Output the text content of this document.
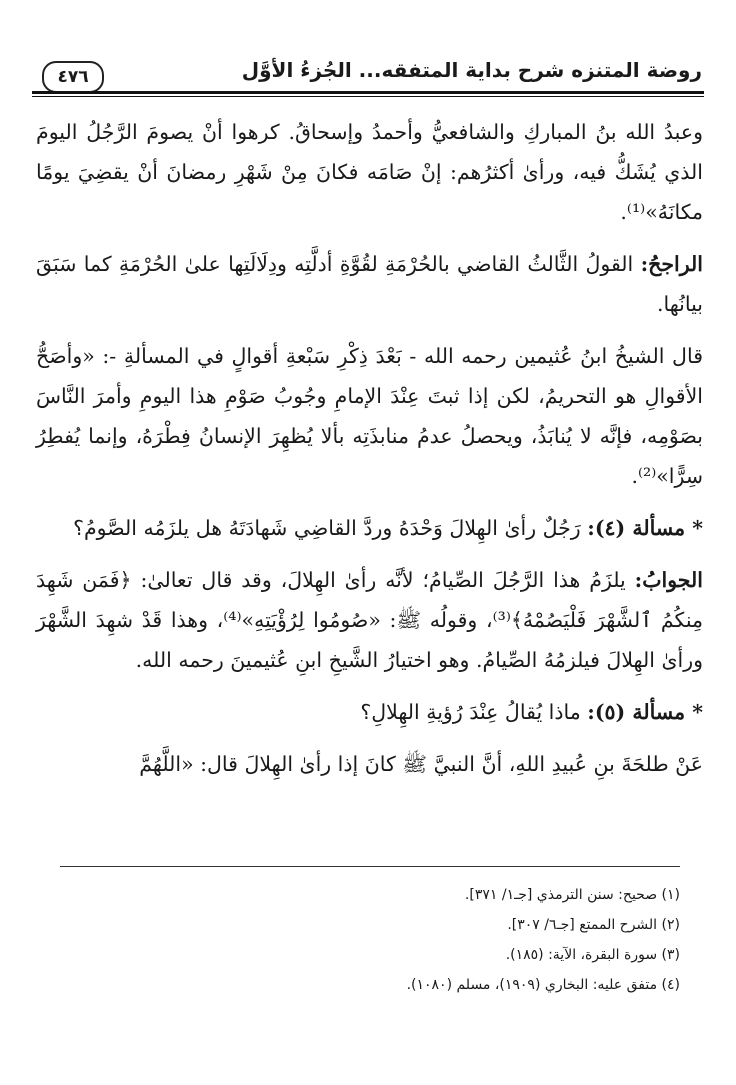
روضة المتنزه شرح بداية المتفقه... الجُزءُ الأوَّل
٤٧٦

وعبدُ الله بنُ المباركِ والشافعيُّ وأحمدُ وإسحاقُ. كرهوا أنْ يصومَ الرَّجُلُ اليومَ الذي يُشَكُّ فيه، ورأىٰ أكثرُهم: إنْ صَامَه فكانَ مِنْ شَهْرِ رمضانَ أنْ يقضِيَ يومًا مكانَهُ»⁽¹⁾.

الراجحُ: القولُ الثَّالثُ القاضي بالحُرْمَةِ لقُوَّةِ أدلَّتِه ودِلَالَتِها علىٰ الحُرْمَةِ كما سَبَقَ بيانُها.

قال الشيخُ ابنُ عُثيمين رحمه الله - بَعْدَ ذِكْرِ سَبْعةِ أقوالٍ في المسألةِ -: «وأصَحُّ الأقوالِ هو التحريمُ، لكن إذا ثبتَ عِنْدَ الإمامِ وجُوبُ صَوْمِ هذا اليومِ وأمرَ النَّاسَ بصَوْمِه، فإنَّه لا يُنابَذُ، ويحصلُ عدمُ منابذَتِه بألا يُظهِرَ الإنسانُ فِطْرَهُ، وإنما يُفطِرُ سِرًّا»⁽²⁾.

* مسألة (٤): رَجُلٌ رأىٰ الهِلالَ وَحْدَهُ وردَّ القاضِي شَهادَتَهُ هل يلزَمُه الصَّومُ؟

الجوابُ: يلزَمُ هذا الرَّجُلَ الصِّيامُ؛ لأنَّه رأىٰ الهِلالَ، وقد قال تعالىٰ: ﴿فَمَن شَهِدَ مِنكُمُ ٱلشَّهْرَ فَلْيَصُمْهُ﴾⁽³⁾، وقولُه ﷺ: «صُومُوا لِرُؤْيَتِهِ»⁽⁴⁾، وهذا قَدْ شهِدَ الشَّهْرَ ورأىٰ الهِلالَ فيلزمُهُ الصِّيامُ. وهو اختيارُ الشَّيخِ ابنِ عُثيمينَ رحمه الله.

* مسألة (٥): ماذا يُقالُ عِنْدَ رُؤيةِ الهِلالِ؟

عَنْ طلحَةَ بنِ عُبيدِ اللهِ، أنَّ النبيَّ ﷺ كانَ إذا رأىٰ الهِلالَ قال: «اللَّهُمَّ

(١) صحيح: سنن الترمذي [جـ١/ ٣٧١].

(٢) الشرح الممتع [جـ٦/ ٣٠٧].

(٣) سورة البقرة، الآية: (١٨٥).

(٤) متفق عليه: البخاري (١٩٠٩)، مسلم (١٠٨٠).
